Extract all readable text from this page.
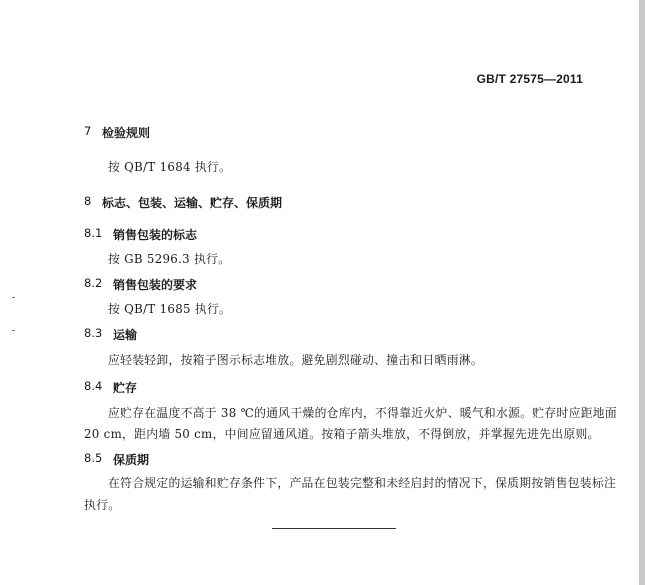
GB/T 27575—2011
7 检验规则
按 QB/T 1684 执行。
8 标志、包装、运输、贮存、保质期
8.1 销售包装的标志
按 GB 5296.3 执行。
8.2 销售包装的要求
按 QB/T 1685 执行。
8.3 运输
应轻装轻卸，按箱子图示标志堆放。避免剧烈碰动、撞击和日晒雨淋。
8.4 贮存
应贮存在温度不高于 38 ℃的通风干燥的仓库内，不得靠近火炉、暖气和水源。贮存时应距地面
20 cm，距内墙 50 cm，中间应留通风道。按箱子箭头堆放，不得倒放，并掌握先进先出原则。
8.5 保质期
在符合规定的运输和贮存条件下，产品在包装完整和未经启封的情况下，保质期按销售包装标注
执行。
